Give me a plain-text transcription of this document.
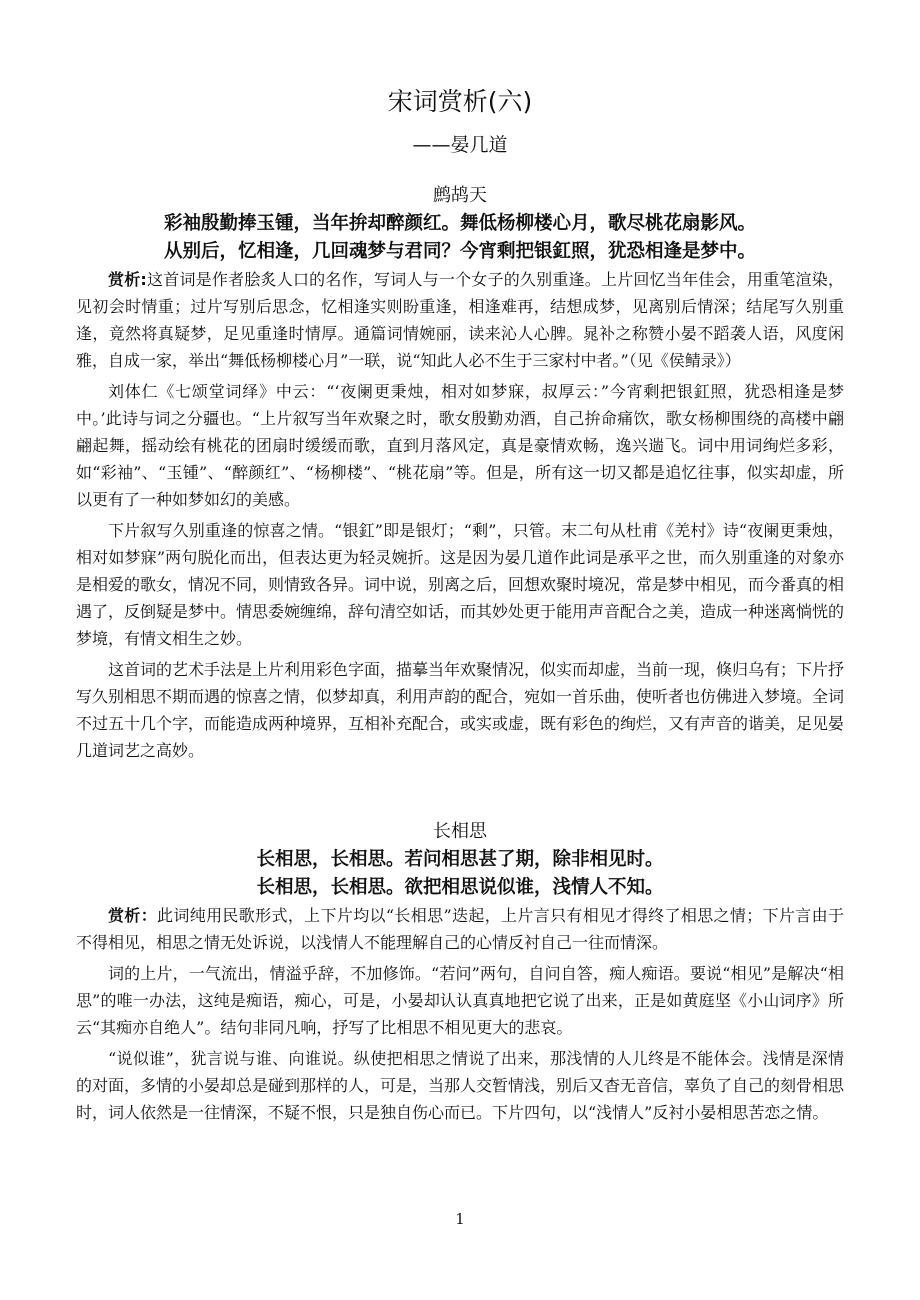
宋词赏析(六)
——晏几道
鹧鸪天
彩袖殷勤捧玉锺，当年拚却醉颜红。舞低杨柳楼心月，歌尽桃花扇影风。
从别后，忆相逢，几回魂梦与君同？今宵剩把银釭照，犹恐相逢是梦中。

赏析:这首词是作者脍炙人口的名作，写词人与一个女子的久别重逢。上片回忆当年佳会，用重笔渲染，见初会时情重；过片写别后思念，忆相逢实则盼重逢，相逢难再，结想成梦，见离别后情深；结尾写久别重逢，竟然将真疑梦，足见重逢时情厚。通篇词情婉丽，读来沁人心脾。晁补之称赞小晏不蹈袭人语，风度闲雅，自成一家，举出“舞低杨柳楼心月”一联，说“知此人必不生于三家村中者。”（见《侯鲭录》）

刘体仁《七颂堂词绎》中云：“‘夜阑更秉烛，相对如梦寐，叔厚云：”今宵剩把银釭照，犹恐相逢是梦中。’此诗与词之分疆也。“上片叙写当年欢聚之时，歌女殷勤劝酒，自己拚命痛饮，歌女杨柳围绕的高楼中翩翩起舞，摇动绘有桃花的团扇时缓缓而歌，直到月落风定，真是豪情欢畅，逸兴遄飞。词中用词绚烂多彩，如“彩袖”、“玉锺”、“醉颜红”、“杨柳楼”、“桃花扇”等。但是，所有这一切又都是追忆往事，似实却虚，所以更有了一种如梦如幻的美感。

下片叙写久别重逢的惊喜之情。“银釭”即是银灯；“剩”，只管。末二句从杜甫《羌村》诗“夜阑更秉烛，相对如梦寐”两句脱化而出，但表达更为轻灵婉折。这是因为晏几道作此词是承平之世，而久别重逢的对象亦是相爱的歌女，情况不同，则情致各异。词中说，别离之后，回想欢聚时境况，常是梦中相见，而今番真的相遇了，反倒疑是梦中。情思委婉缠绵，辞句清空如话，而其妙处更于能用声音配合之美，造成一种迷离惝恍的梦境，有情文相生之妙。

这首词的艺术手法是上片利用彩色字面，描摹当年欢聚情况，似实而却虚，当前一现，倏归乌有；下片抒写久别相思不期而遇的惊喜之情，似梦却真，利用声韵的配合，宛如一首乐曲，使听者也仿佛进入梦境。全词不过五十几个字，而能造成两种境界，互相补充配合，或实或虚，既有彩色的绚烂，又有声音的谐美，足见晏几道词艺之高妙。

长相思
长相思，长相思。若问相思甚了期，除非相见时。
长相思，长相思。欲把相思说似谁，浅情人不知。

赏析：此词纯用民歌形式，上下片均以“长相思”迭起，上片言只有相见才得终了相思之情；下片言由于不得相见，相思之情无处诉说，以浅情人不能理解自己的心情反衬自己一往而情深。

词的上片，一气流出，情溢乎辞，不加修饰。“若问”两句，自问自答，痴人痴语。要说“相见”是解决“相思”的唯一办法，这纯是痴语，痴心，可是，小晏却认认真真地把它说了出来，正是如黄庭坚《小山词序》所云“其痴亦自绝人”。结句非同凡响，抒写了比相思不相见更大的悲哀。

“说似谁”，犹言说与谁、向谁说。纵使把相思之情说了出来，那浅情的人儿终是不能体会。浅情是深情的对面，多情的小晏却总是碰到那样的人，可是，当那人交暂情浅，别后又杳无音信，辜负了自己的刻骨相思时，词人依然是一往情深，不疑不恨，只是独自伤心而已。下片四句，以“浅情人”反衬小晏相思苦恋之情。

1
